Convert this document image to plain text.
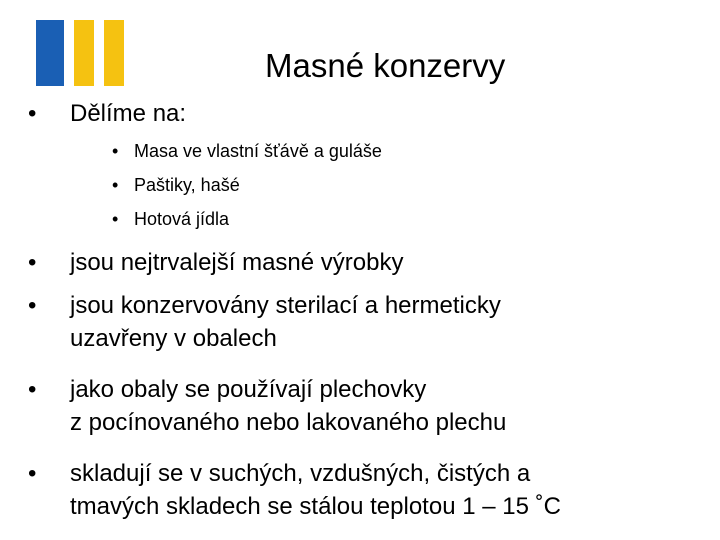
Masné konzervy
•	Dělíme na:
• Masa ve vlastní šťávě a guláše
• Paštiky, hašé
• Hotová jídla
•	jsou nejtrvalejší masné výrobky
•	jsou konzervovány sterilací a hermeticky
uzavřeny v obalech
•	jako obaly se používají plechovky
z pocínovaného nebo lakovaného plechu
•	skladují se v suchých, vzdušných, čistých a
tmavých skladech se stálou teplotou 1 – 15 ˚C
